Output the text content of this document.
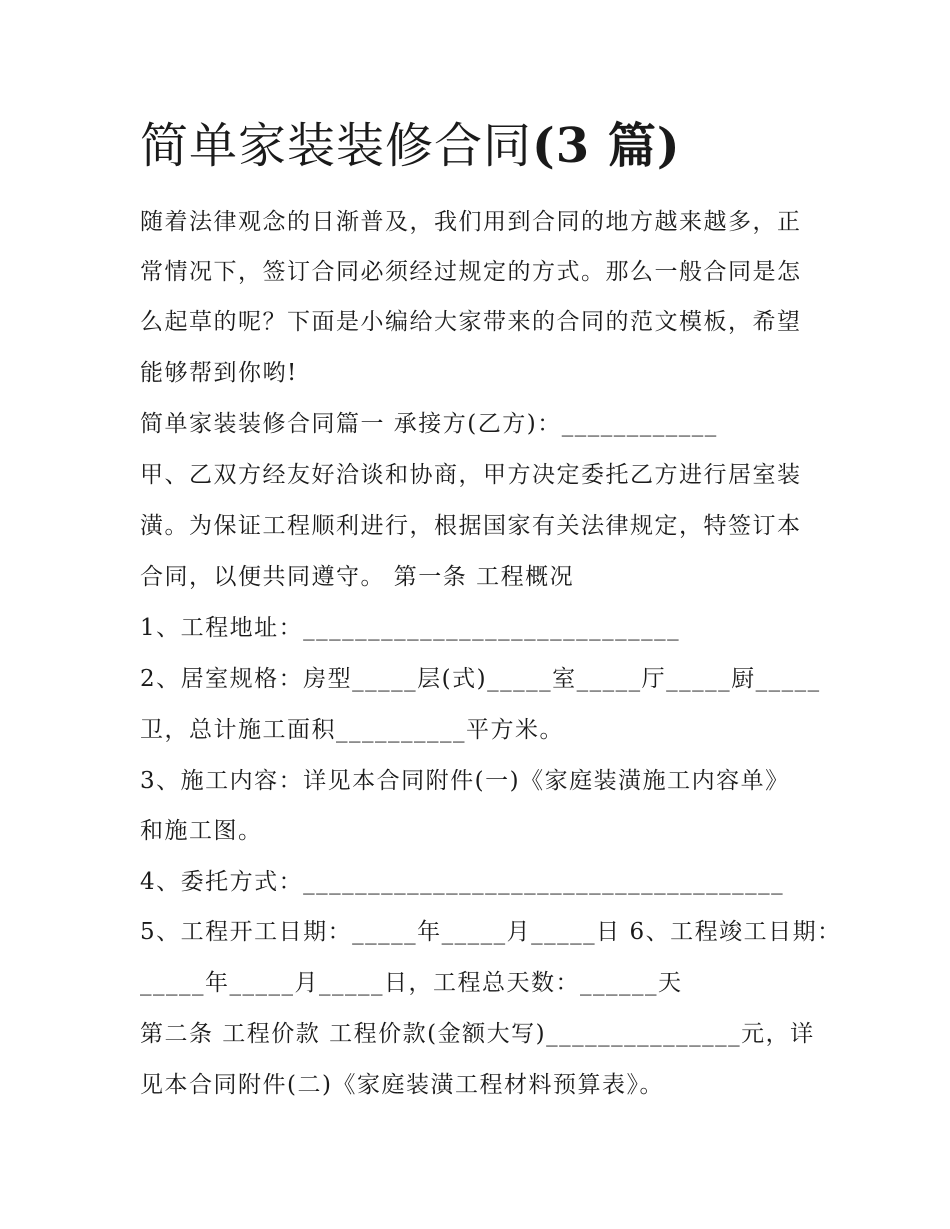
简单家装装修合同(3 篇)

随着法律观念的日渐普及，我们用到合同的地方越来越多，正

常情况下，签订合同必须经过规定的方式。那么一般合同是怎

么起草的呢？下面是小编给大家带来的合同的范文模板，希望

能够帮到你哟!

简单家装装修合同篇一 承接方(乙方)：____________

甲、乙双方经友好洽谈和协商，甲方决定委托乙方进行居室装

潢。为保证工程顺利进行，根据国家有关法律规定，特签订本

合同，以便共同遵守。 第一条 工程概况

1、工程地址：_____________________________

2、居室规格：房型_____层(式)_____室_____厅_____厨_____

卫，总计施工面积__________平方米。

3、施工内容：详见本合同附件(一)《家庭装潢施工内容单》

和施工图。

4、委托方式：_____________________________________

5、工程开工日期：_____年_____月_____日 6、工程竣工日期：

_____年_____月_____日，工程总天数：______天

第二条 工程价款 工程价款(金额大写)_______________元，详

见本合同附件(二)《家庭装潢工程材料预算表》。
